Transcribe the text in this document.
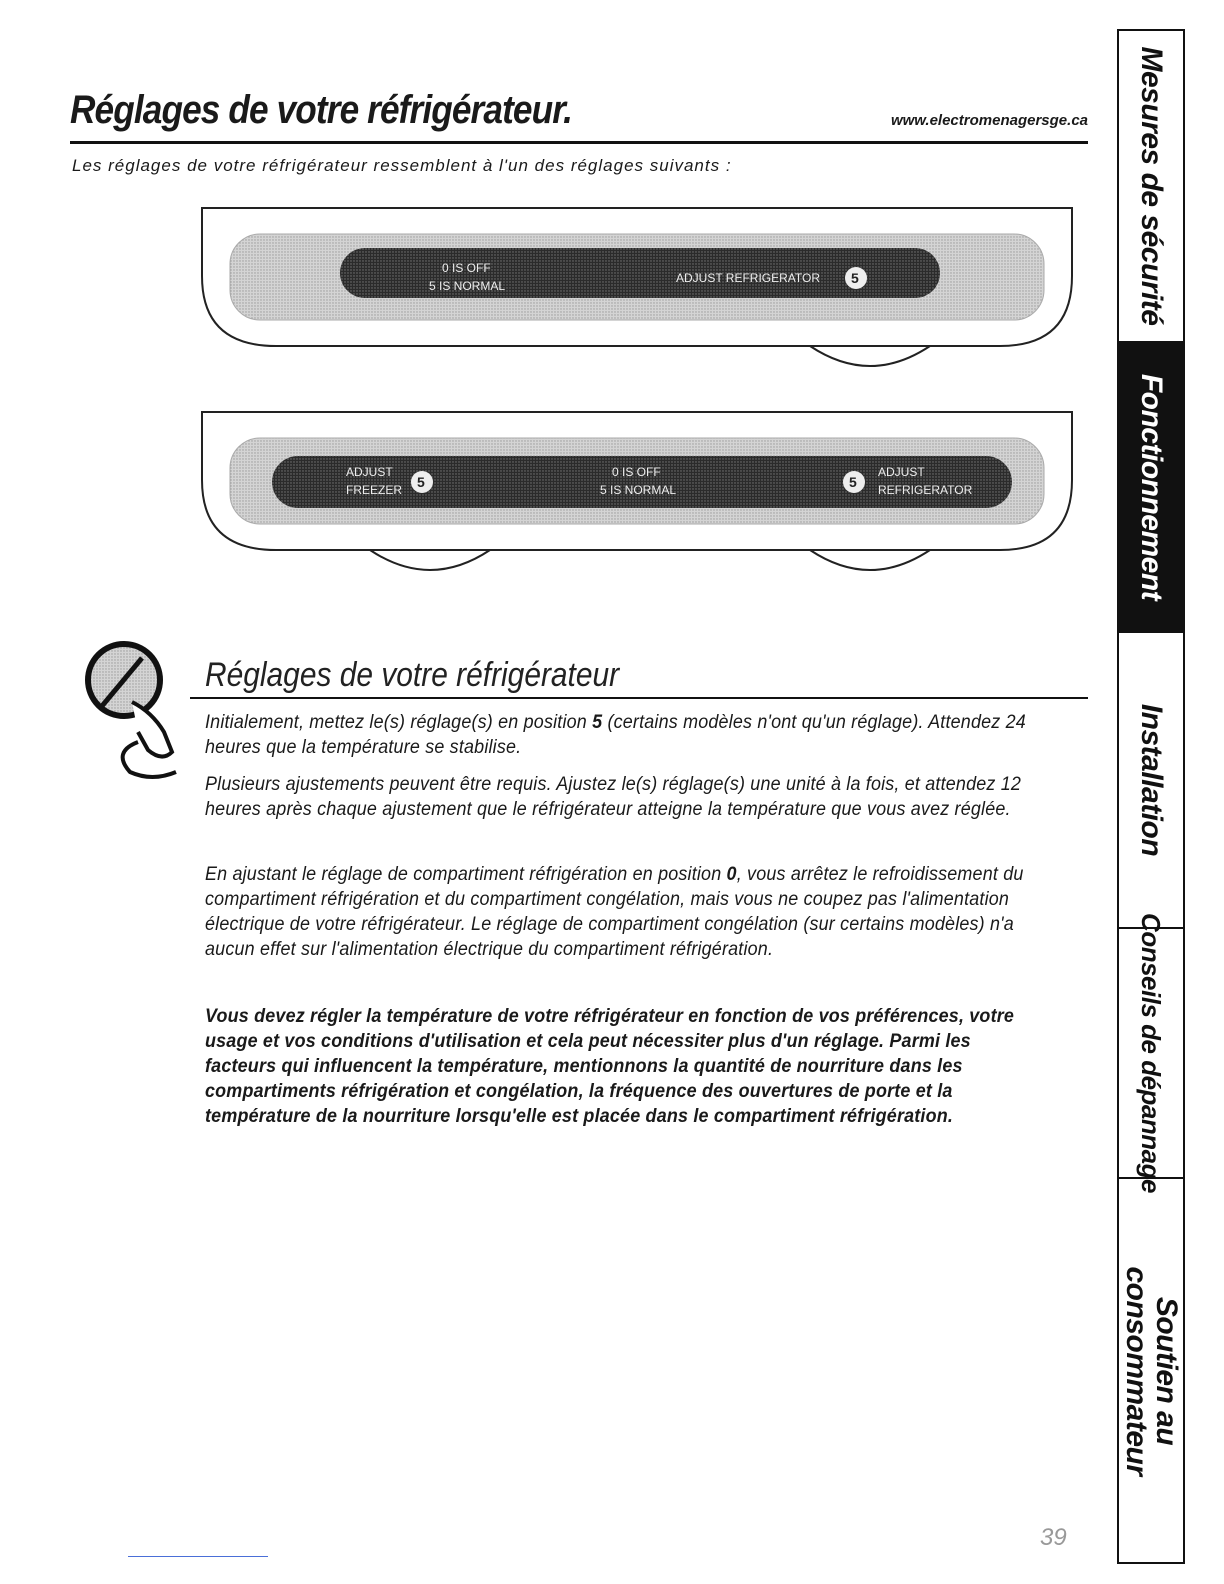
Réglages de votre réfrigérateur.	www.electromenagersge.ca
Les réglages de votre réfrigérateur ressemblent à l'un des réglages suivants :
0 IS OFF
5 IS NORMAL
ADJUST REFRIGERATOR 5
ADJUST
FREEZER 5
0 IS OFF
5 IS NORMAL	5
ADJUST
REFRIGERATOR
Réglages de votre réfrigérateur
Initialement, mettez le(s) réglage(s) en position 5 (certains modèles n'ont qu'un réglage). Attendez 24 heures que la température se stabilise.
Plusieurs ajustements peuvent être requis. Ajustez le(s) réglage(s) une unité à la fois, et attendez 12 heures après chaque ajustement que le réfrigérateur atteigne la température que vous avez réglée.
En ajustant le réglage de compartiment réfrigération en position 0, vous arrêtez le refroidissement du compartiment réfrigération et du compartiment congélation, mais vous ne coupez pas l'alimentation électrique de votre réfrigérateur. Le réglage de compartiment congélation (sur certains modèles) n'a aucun effet sur l'alimentation électrique du compartiment réfrigération.
Vous devez régler la température de votre réfrigérateur en fonction de vos préférences, votre usage et vos conditions d'utilisation et cela peut nécessiter plus d'un réglage. Parmi les facteurs qui influencent la température, mentionnons la quantité de nourriture dans les compartiments réfrigération et congélation, la fréquence des ouvertures de porte et la température de la nourriture lorsqu'elle est placée dans le compartiment réfrigération.
39
Mesures de sécurité
Fonctionnement
Installation
Conseils de dépannage
Soutien au consommateur
